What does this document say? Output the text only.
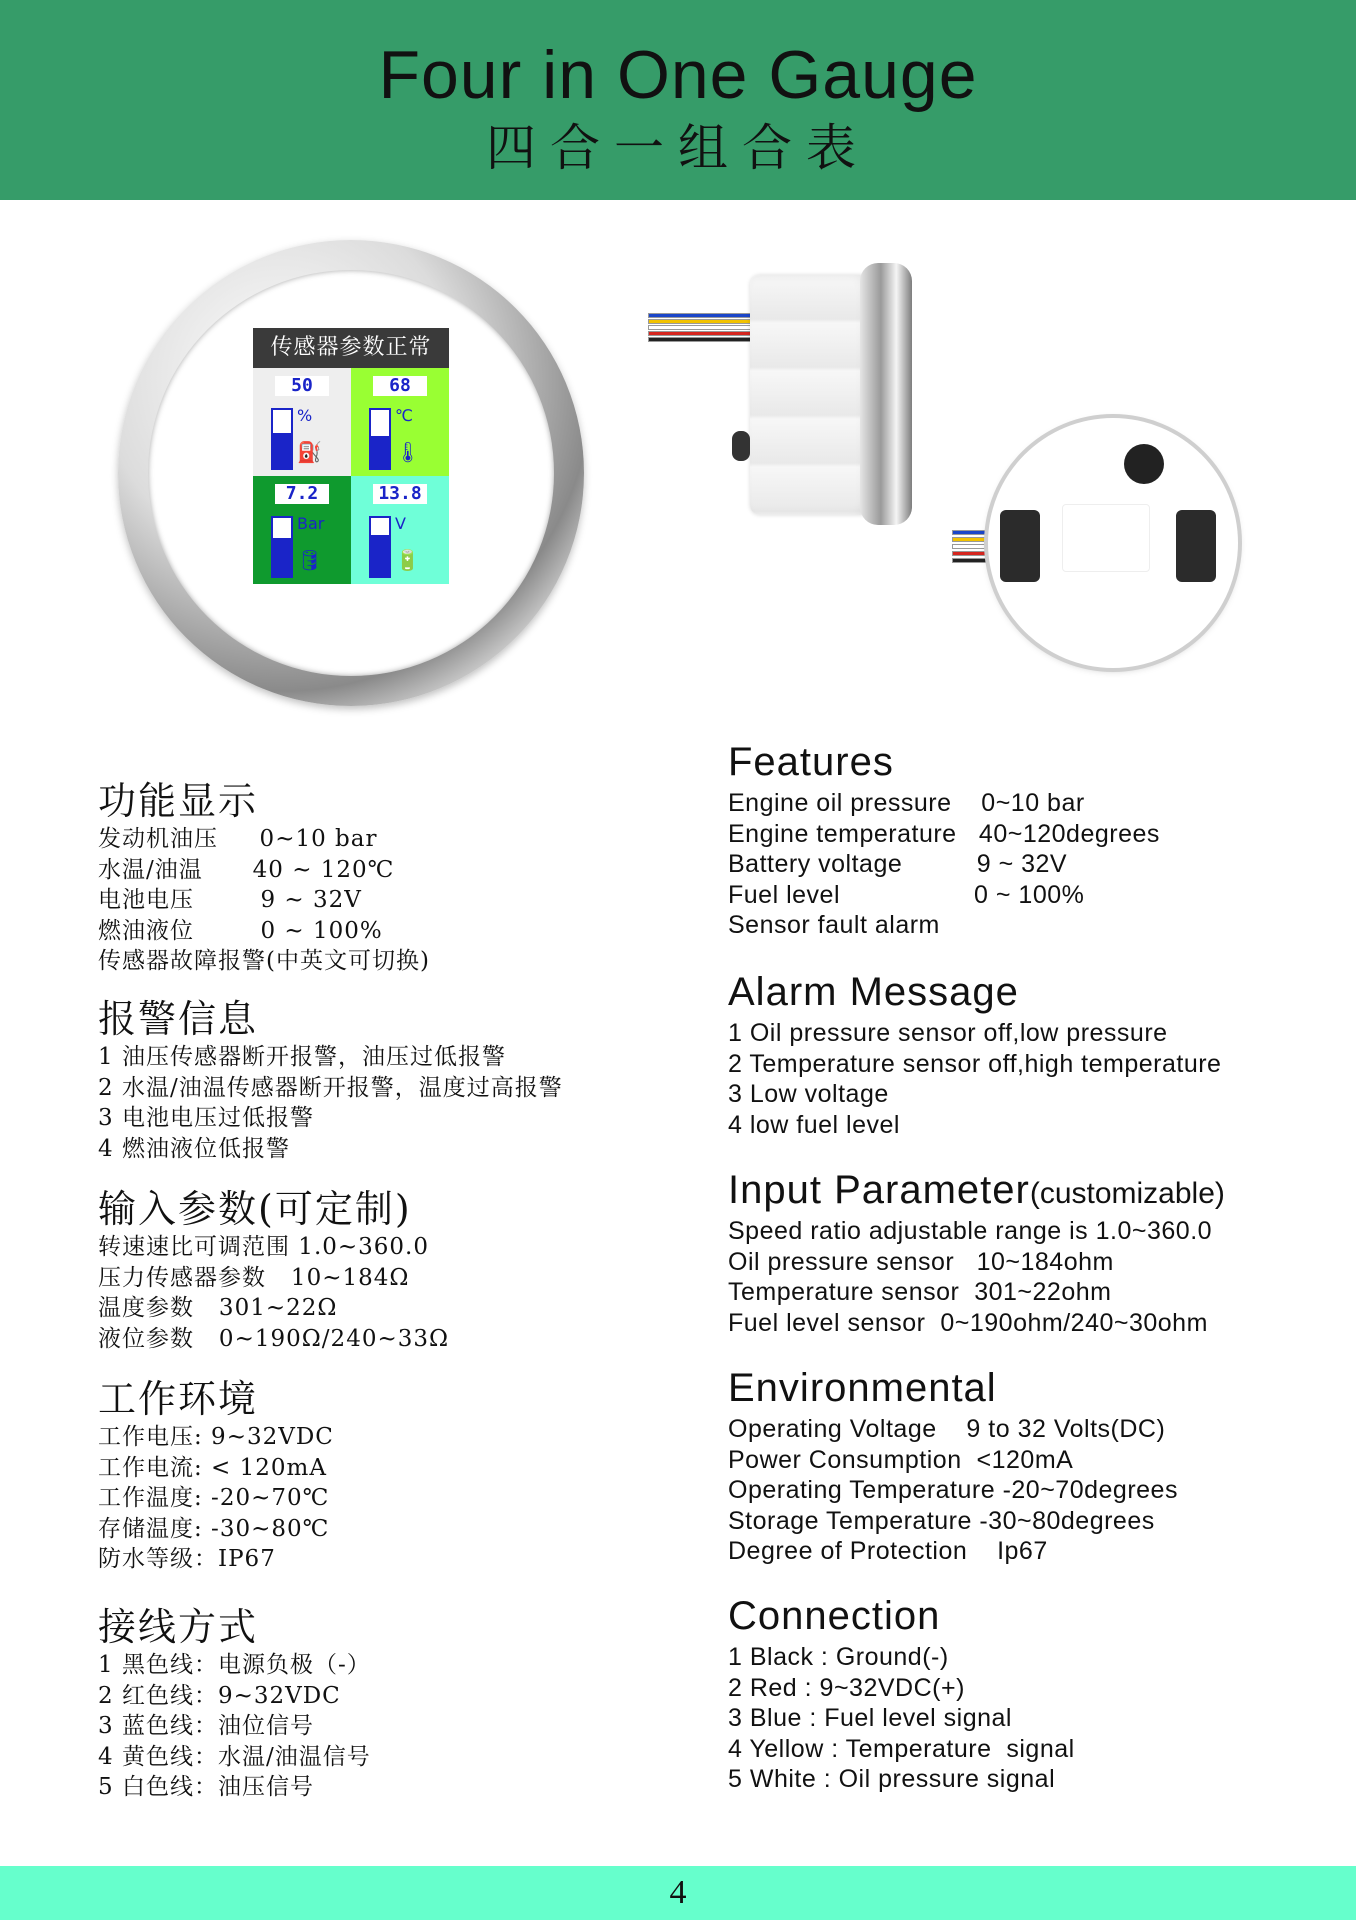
Four in One Gauge
四合一组合表
传感器参数正常
50
%
⛽
68
℃
🌡
7.2
Bar
🛢
13.8
V
🔋
功能显示
发动机油压     0~10 bar
水温/油温      40 ~ 120℃
电池电压        9 ~ 32V
燃油液位        0 ~ 100%
传感器故障报警(中英文可切换)
报警信息
1 油压传感器断开报警，油压过低报警
2 水温/油温传感器断开报警，温度过高报警
3 电池电压过低报警
4 燃油液位低报警
输入参数(可定制)
转速速比可调范围 1.0~360.0
压力传感器参数   10~184Ω
温度参数   301~22Ω
液位参数   0~190Ω/240~33Ω
工作环境
工作电压: 9~32VDC
工作电流: < 120mA
工作温度: -20~70℃
存储温度: -30~80℃
防水等级：IP67
接线方式
1 黑色线：电源负极（-）
2 红色线：9~32VDC
3 蓝色线：油位信号
4 黄色线：水温/油温信号
5 白色线：油压信号
Features
Engine oil pressure    0~10 bar
Engine temperature   40~120degrees
Battery voltage          9 ~ 32V
Fuel level                  0 ~ 100%
Sensor fault alarm
Alarm Message
1 Oil pressure sensor off,low pressure
2 Temperature sensor off,high temperature
3 Low voltage
4 low fuel level
Input Parameter(customizable)
Speed ratio adjustable range is 1.0~360.0
Oil pressure sensor   10~184ohm
Temperature sensor  301~22ohm
Fuel level sensor  0~190ohm/240~30ohm
Environmental
Operating Voltage    9 to 32 Volts(DC)
Power Consumption  <120mA
Operating Temperature -20~70degrees
Storage Temperature -30~80degrees
Degree of Protection    Ip67
Connection
1 Black : Ground(-)
2 Red : 9~32VDC(+)
3 Blue : Fuel level signal
4 Yellow : Temperature  signal
5 White : Oil pressure signal
4
